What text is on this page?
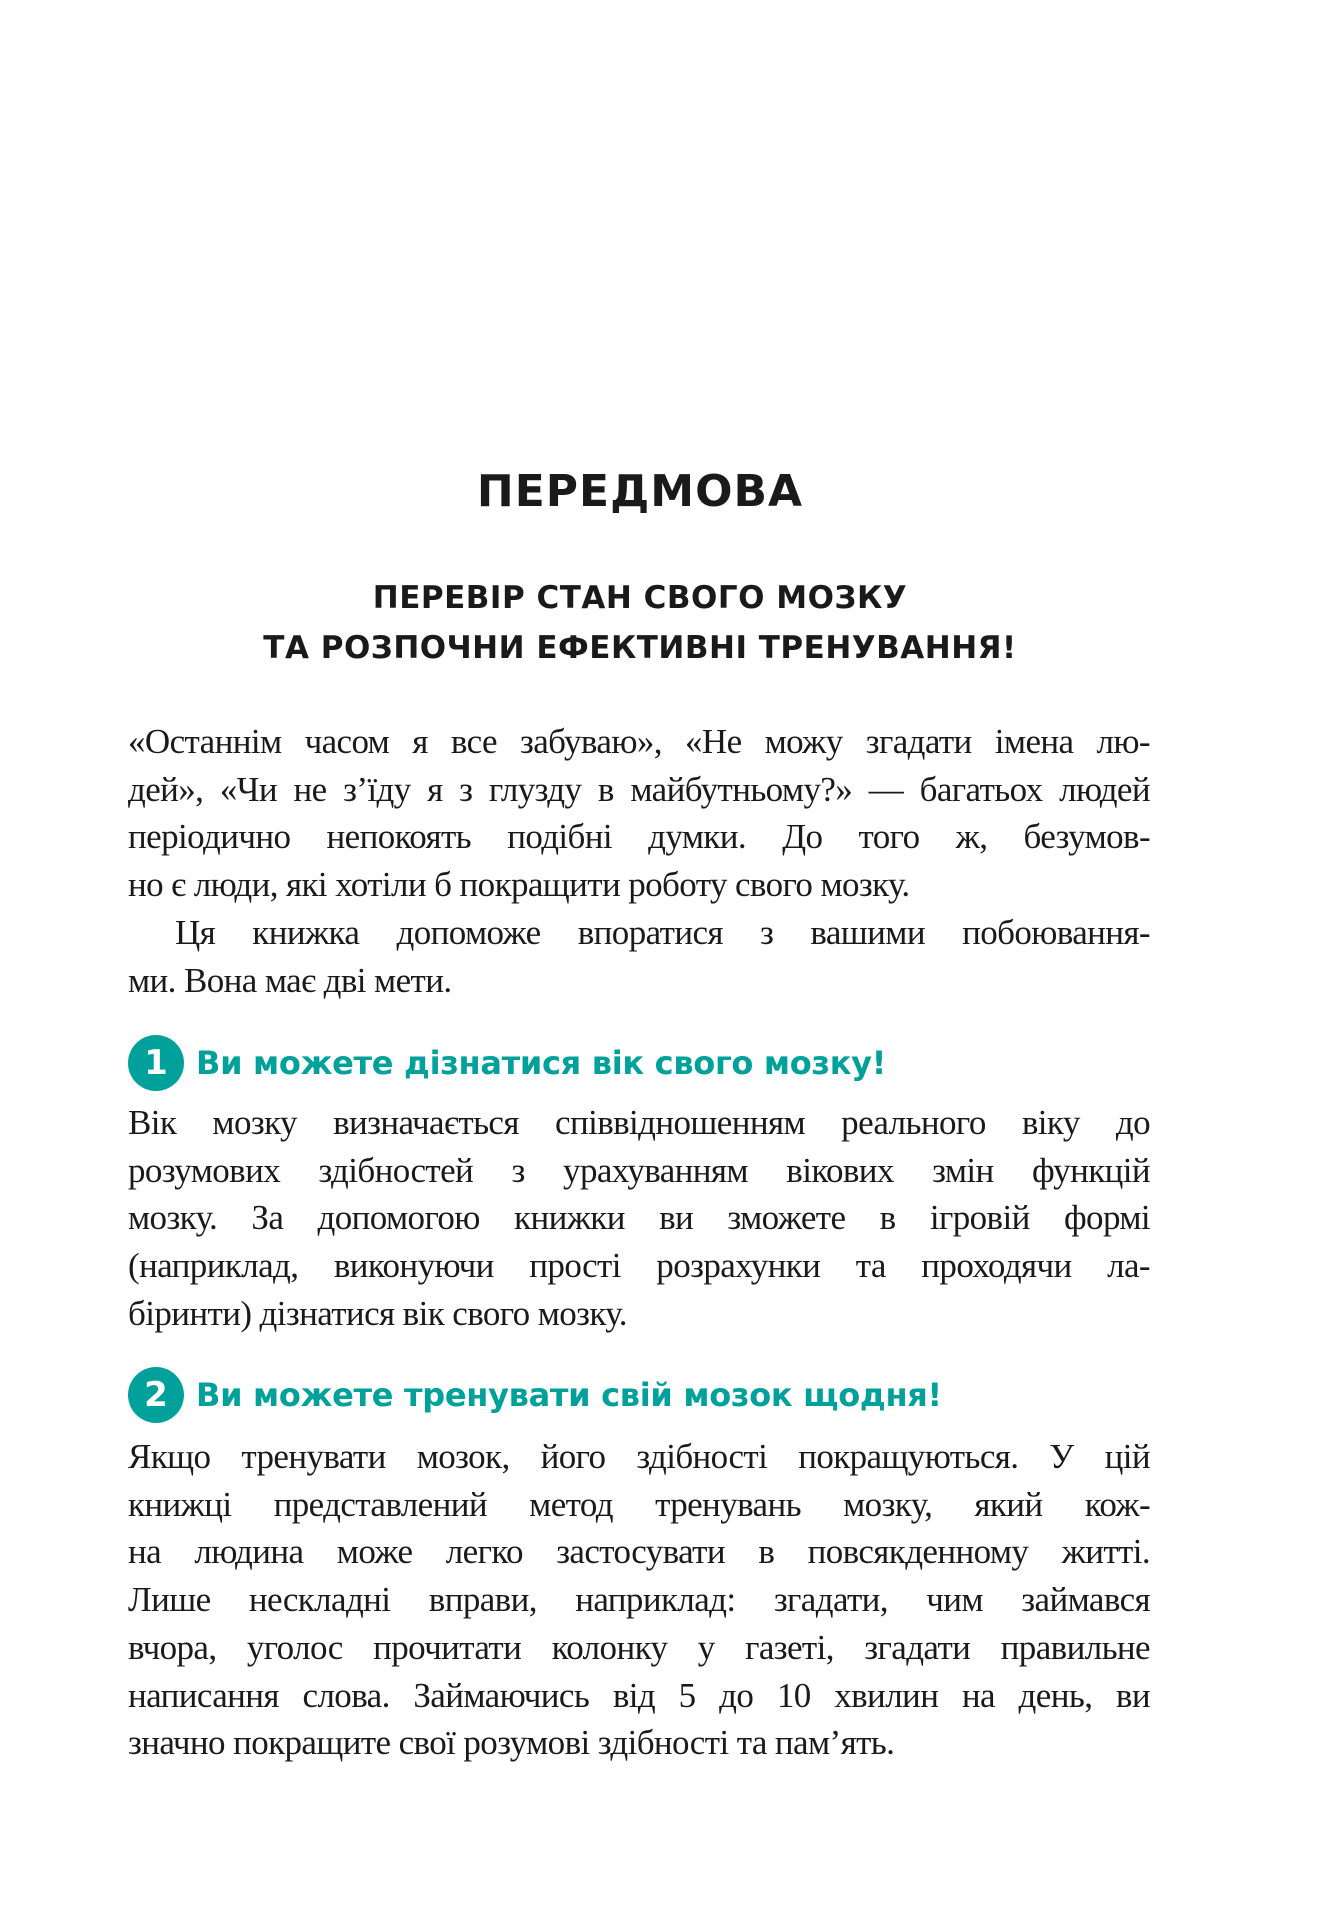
ПЕРЕДМОВА
ПЕРЕВІР СТАН СВОГО МОЗКУ
ТА РОЗПОЧНИ ЕФЕКТИВНІ ТРЕНУВАННЯ!
«Останнім часом я все забуваю», «Не можу згадати імена лю-
дей», «Чи не з’їду я з глузду в майбутньому?» — багатьох людей
періодично непокоять подібні думки. До того ж, безумов-
но є люди, які хотіли б покращити роботу свого мозку.
Ця книжка допоможе впоратися з вашими побоювання-
ми. Вона має дві мети.
1 Ви можете дізнатися вік свого мозку!
Вік мозку визначається співвідношенням реального віку до
розумових здібностей з урахуванням вікових змін функцій
мозку. За допомогою книжки ви зможете в ігровій формі
(наприклад, виконуючи прості розрахунки та проходячи ла-
біринти) дізнатися вік свого мозку.
2 Ви можете тренувати свій мозок щодня!
Якщо тренувати мозок, його здібності покращуються. У цій
книжці представлений метод тренувань мозку, який кож-
на людина може легко застосувати в повсякденному житті.
Лише нескладні вправи, наприклад: згадати, чим займався
вчора, уголос прочитати колонку у газеті, згадати правильне
написання слова. Займаючись від 5 до 10 хвилин на день, ви
значно покращите свої розумові здібності та пам’ять.
